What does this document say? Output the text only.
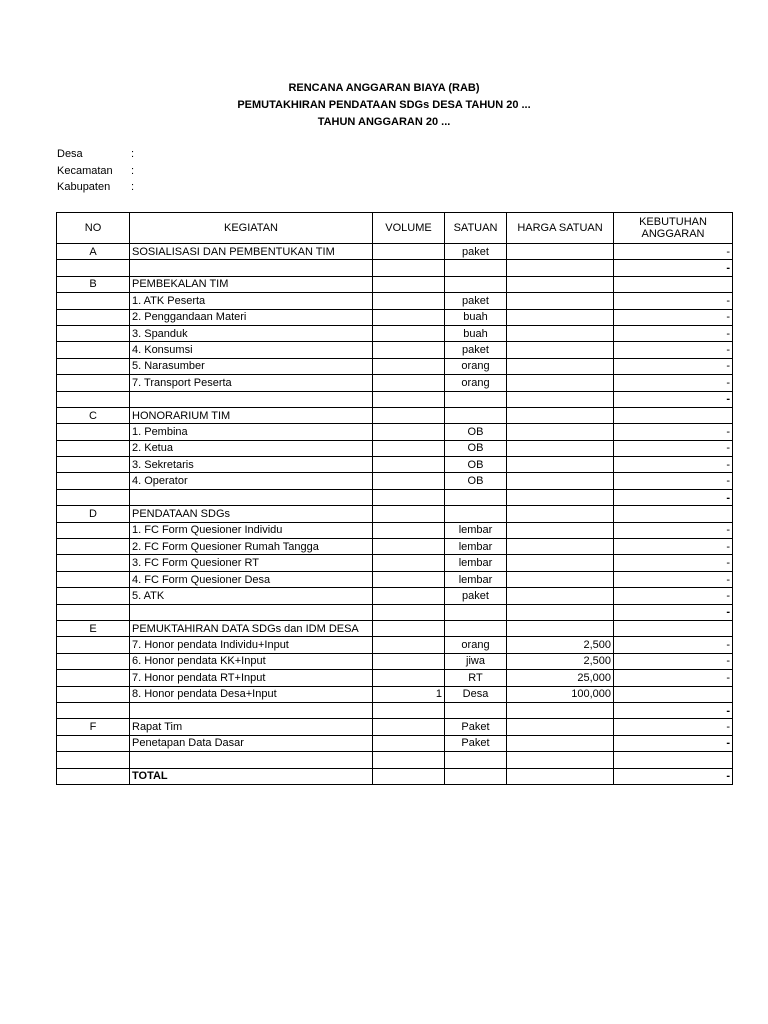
RENCANA ANGGARAN BIAYA (RAB)
PEMUTAKHIRAN PENDATAAN SDGs DESA TAHUN 20 ...
TAHUN ANGGARAN 20 ...
Desa	:
Kecamatan :
Kabupaten :
NO	KEGIATAN	VOLUME	SATUAN	HARGA SATUAN	KEBUTUHAN ANGGARAN
A	SOSIALISASI DAN PEMBENTUKAN TIM		paket		-
					-
B	PEMBEKALAN TIM				
	1. ATK Peserta		paket		-
	2. Penggandaan Materi		buah		-
	3. Spanduk		buah		-
	4. Konsumsi		paket		-
	5. Narasumber		orang		-
	7. Transport Peserta		orang		-
					-
C	HONORARIUM TIM				
	1. Pembina		OB		-
	2. Ketua		OB		-
	3. Sekretaris		OB		-
	4. Operator		OB		-
					-
D	PENDATAAN SDGs				
	1. FC Form Quesioner Individu		lembar		-
	2. FC Form Quesioner Rumah Tangga		lembar		-
	3. FC Form Quesioner RT		lembar		-
	4. FC Form Quesioner Desa		lembar		-
	5. ATK		paket		-
					-
E	PEMUKTAHIRAN DATA SDGs dan IDM DESA				
	7. Honor pendata Individu+Input		orang	2,500	-
	6. Honor pendata KK+Input		jiwa	2,500	-
	7. Honor pendata RT+Input		RT	25,000	-
	8. Honor pendata Desa+Input	1	Desa	100,000	
					-
F	Rapat Tim		Paket		-
	Penetapan Data Dasar		Paket		-

	TOTAL				-
